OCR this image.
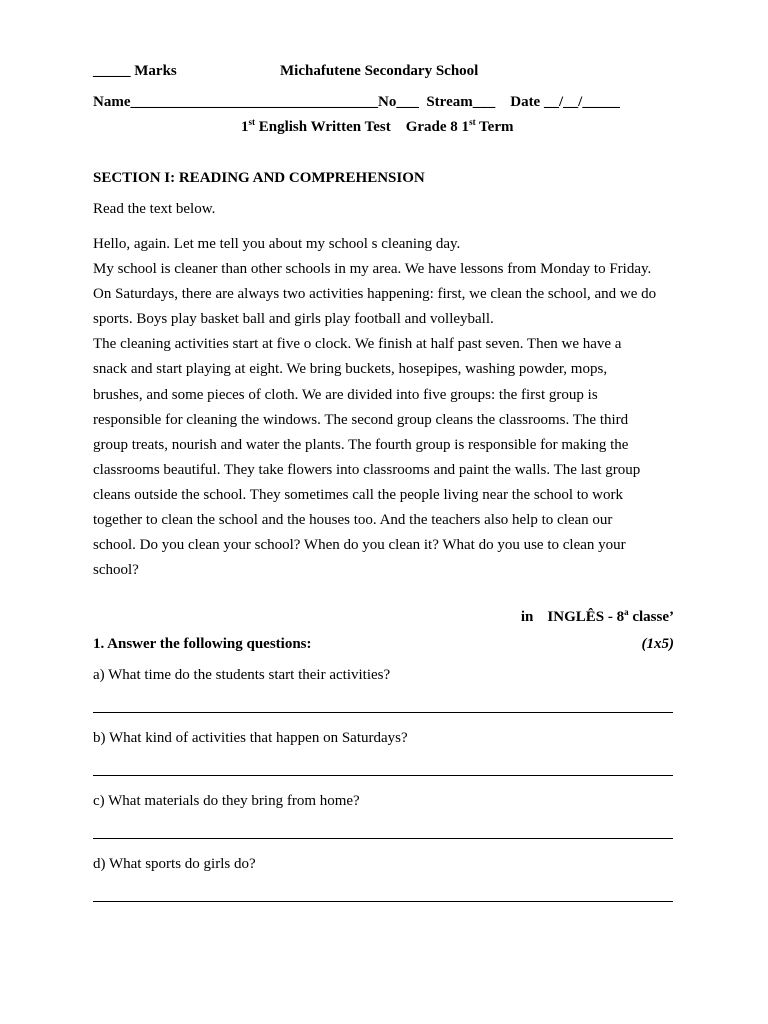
_____ Marks	Michafutene Secondary School
Name_________________________________No___ Stream___ Date __/__/_____
1st English Written Test Grade 8 1st Term
SECTION I: READING AND COMPREHENSION
Read the text below.
Hello, again. Let me tell you about my school s cleaning day.
My school is cleaner than other schools in my area. We have lessons from Monday to Friday.
On Saturdays, there are always two activities happening: first, we clean the school, and we do
sports. Boys play basket ball and girls play football and volleyball.
The cleaning activities start at five o clock. We finish at half past seven. Then we have a
snack and start playing at eight. We bring buckets, hosepipes, washing powder, mops,
brushes, and some pieces of cloth. We are divided into five groups: the first group is
responsible for cleaning the windows. The second group cleans the classrooms. The third
group treats, nourish and water the plants. The fourth group is responsible for making the
classrooms beautiful. They take flowers into classrooms and paint the walls. The last group
cleans outside the school. They sometimes call the people living near the school to work
together to clean the school and the houses too. And the teachers also help to clean our
school. Do you clean your school? When do you clean it? What do you use to clean your
school?
in INGLÊS - 8$^a$ classe’
1. Answer the following questions:	(1x5)
a) What time do the students start their activities?
b) What kind of activities that happen on Saturdays?
c) What materials do they bring from home?
d) What sports do girls do?
